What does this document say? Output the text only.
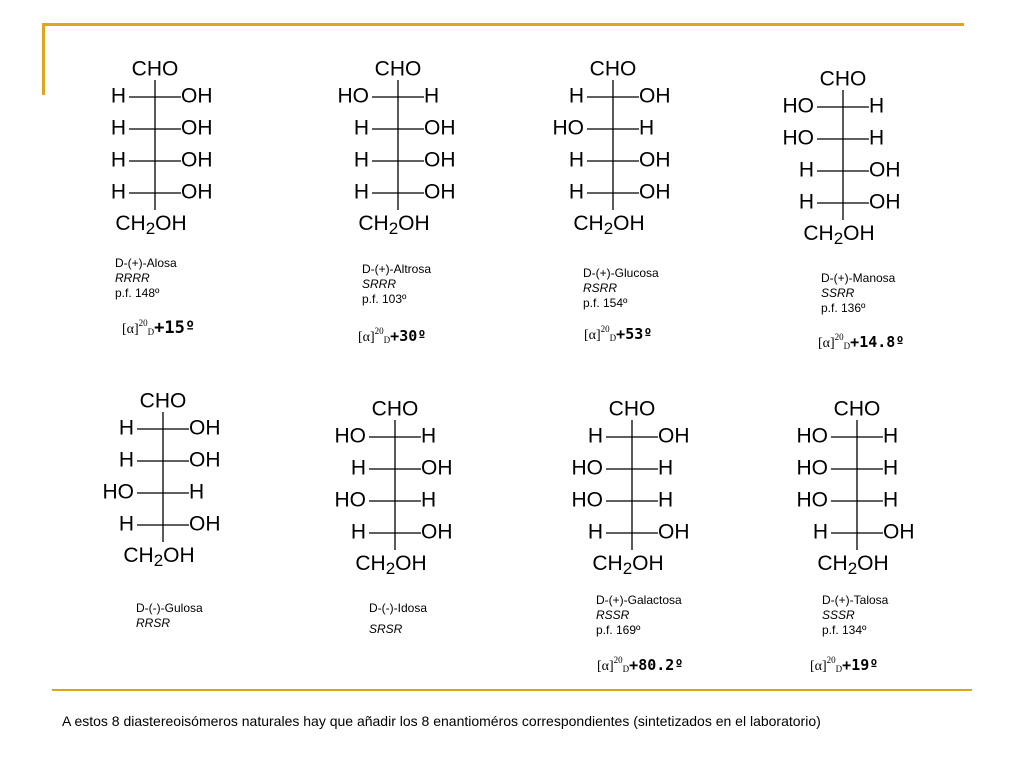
CHO
H	OH
H	OH
H	OH
H	OH
$CH_2OH$
D-(+)-Alosa
RRRR
p.f. 148º
$[\alpha]^{20}_D+15º$
CHO
HO	H
H	OH
H	OH
H	OH
$CH_2OH$
D-(+)-Altrosa
SRRR
p.f. 103º
$[\alpha]^{20}_D+30º$
CHO
H	OH
HO	H
H	OH
H	OH
$CH_2OH$
D-(+)-Glucosa
RSRR
p.f. 154º
$[\alpha]^{20}_D+53º$
CHO
HO	H
HO	H
H	OH
H	OH
$CH_2OH$
D-(+)-Manosa
SSRR
p.f. 136º
$[\alpha]^{20}_D+14.8º$
CHO
H	OH
H	OH
HO	H
H	OH
$CH_2OH$
D-(-)-Gulosa
RRSR
CHO
HO	H
H	OH
HO	H
H	OH
$CH_2OH$
D-(-)-Idosa
SRSR
CHO
H	OH
HO	H
HO	H
H	OH
$CH_2OH$
D-(+)-Galactosa
RSSR
p.f. 169º
$[\alpha]^{20}_D+80.2º$
CHO
HO	H
HO	H
HO	H
H	OH
$CH_2OH$
D-(+)-Talosa
SSSR
p.f. 134º
$[\alpha]^{20}_D+19º$
A estos 8 diastereoisómeros naturales hay que añadir los 8 enantioméros correspondientes (sintetizados en el laboratorio)
